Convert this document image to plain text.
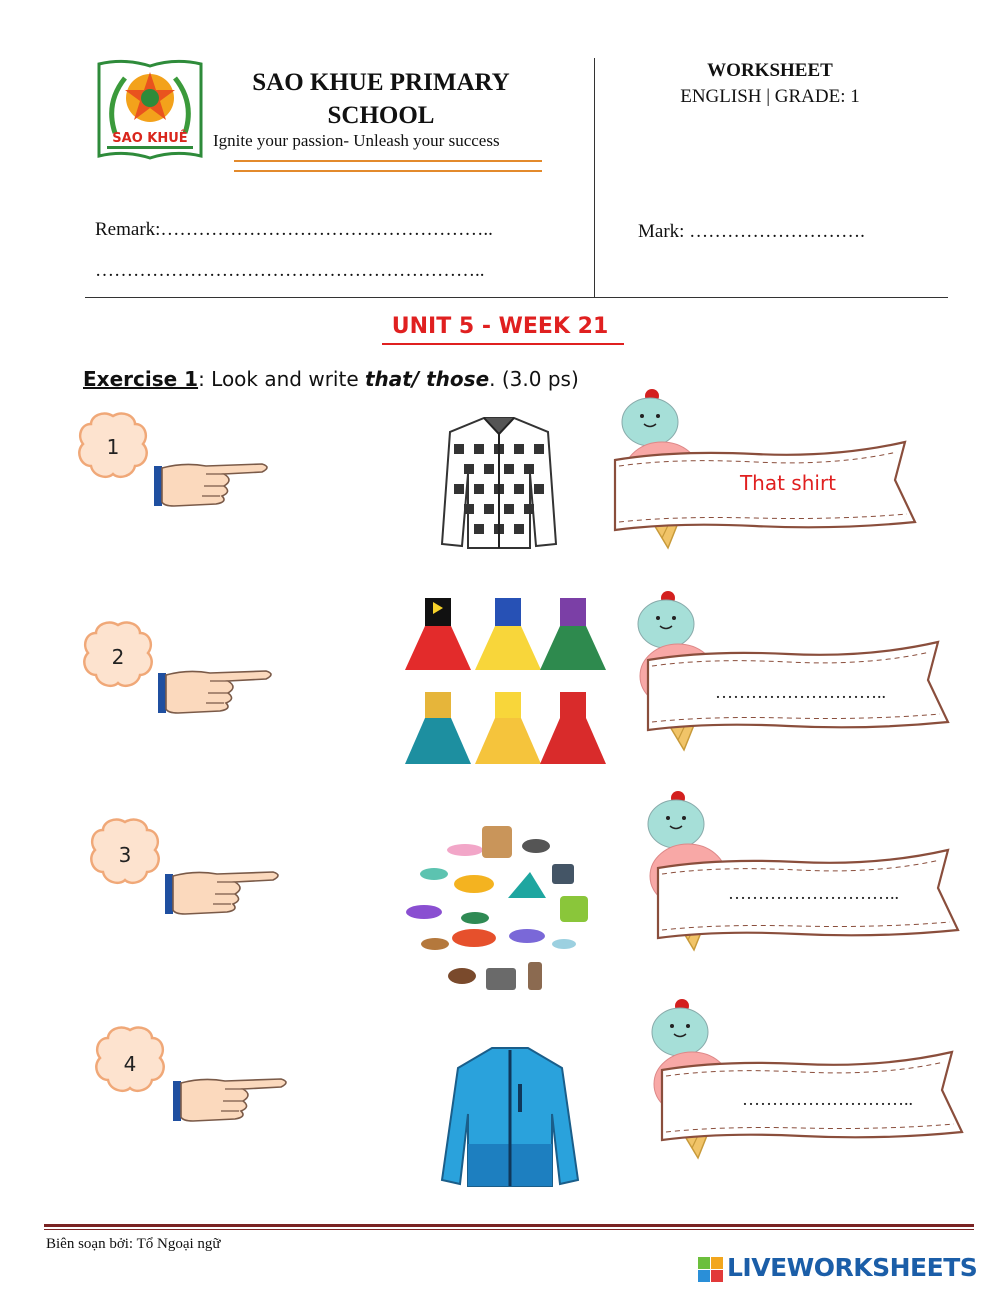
SAO KHUÊ
SAO KHUE PRIMARY
SCHOOL
Ignite your passion- Unleash your success
WORKSHEET
ENGLISH | GRADE: 1
Remark:……………………………………………..
……………………………………………………..
Mark: ……………………….
UNIT 5 - WEEK 21
Exercise 1: Look and write that/ those. (3.0 ps)
1
That shirt
2
………………………..
3
………………………..
4
………………………..
Biên soạn bởi: Tổ Ngoại ngữ
LIVEWORKSHEETS
